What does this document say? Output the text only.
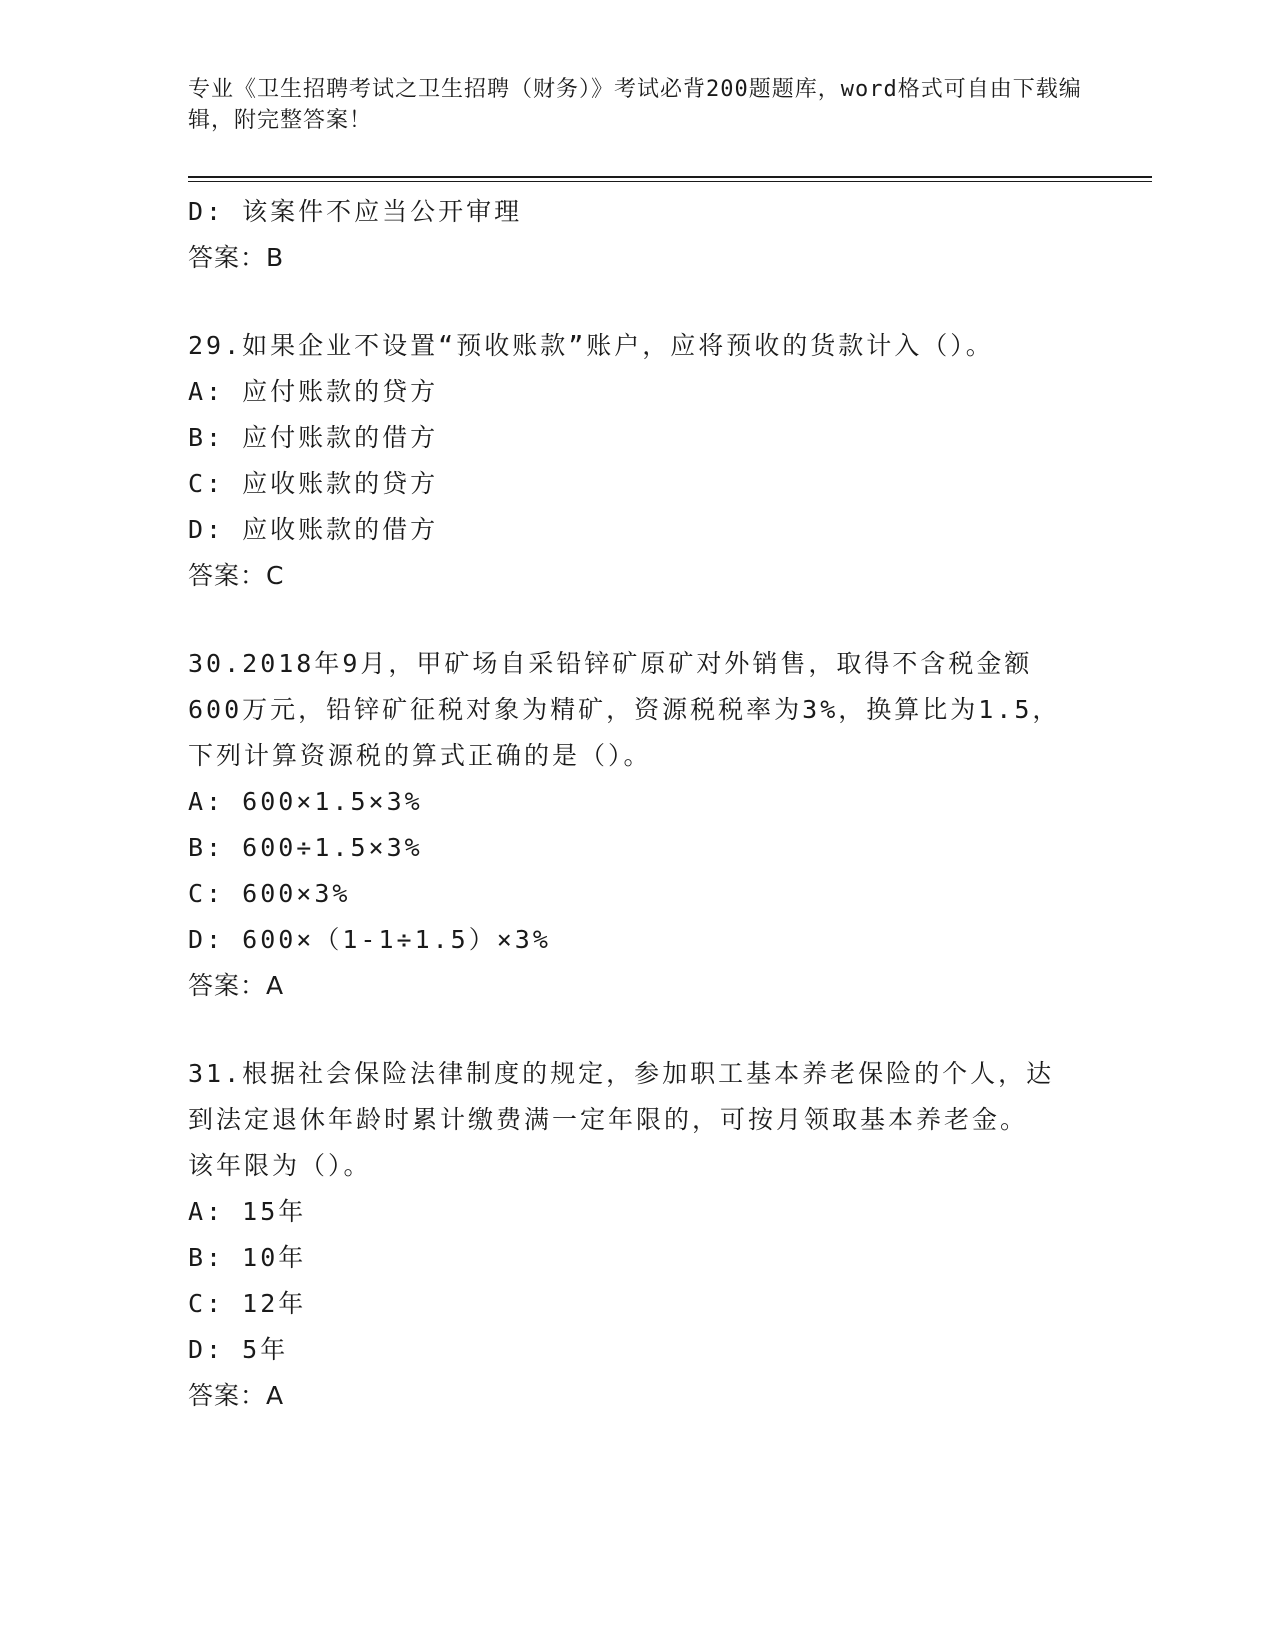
专业《卫生招聘考试之卫生招聘（财务）》考试必背200题题库，word格式可自由下载编辑，附完整答案！
D: 该案件不应当公开审理
答案：B
29.如果企业不设置“预收账款”账户，应将预收的货款计入（）。
A: 应付账款的贷方
B: 应付账款的借方
C: 应收账款的贷方
D: 应收账款的借方
答案：C
30.2018年9月，甲矿场自采铅锌矿原矿对外销售，取得不含税金额
600万元，铅锌矿征税对象为精矿，资源税税率为3%，换算比为1.5，
下列计算资源税的算式正确的是（）。
A: 600×1.5×3%
B: 600÷1.5×3%
C: 600×3%
D: 600×（1-1÷1.5）×3%
答案：A
31.根据社会保险法律制度的规定，参加职工基本养老保险的个人，达
到法定退休年龄时累计缴费满一定年限的，可按月领取基本养老金。
该年限为（）。
A: 15年
B: 10年
C: 12年
D: 5年
答案：A
